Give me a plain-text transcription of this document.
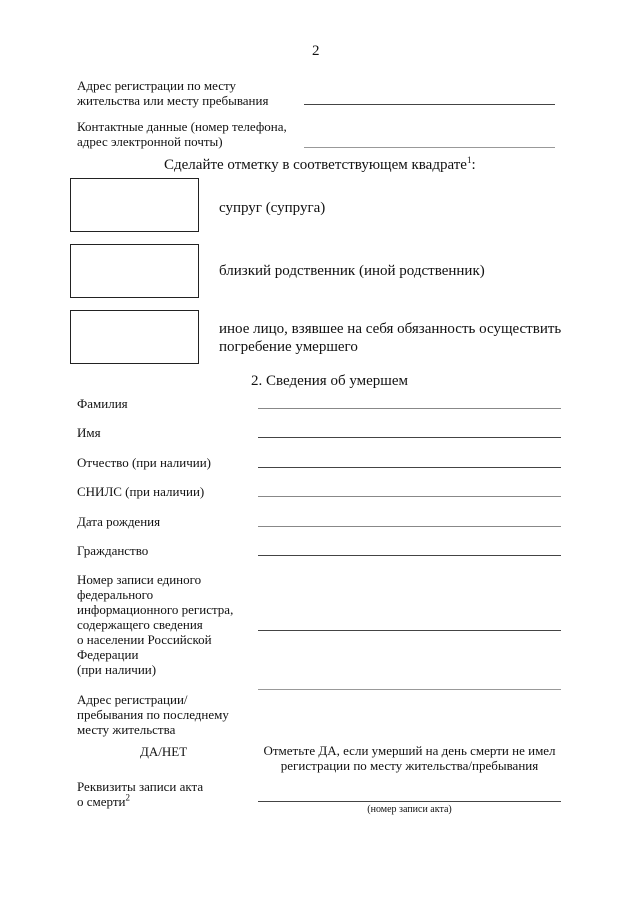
2
Адрес регистрации по месту
жительства или месту пребывания
Контактные данные (номер телефона,
адрес электронной почты)
Сделайте отметку в соответствующем квадрате$^1$:
супруг (супруга)
близкий родственник (иной родственник)
иное лицо, взявшее на себя обязанность осуществить
погребение умершего
2. Сведения об умершем
Фамилия
Имя
Отчество (при наличии)
СНИЛС (при наличии)
Дата рождения
Гражданство
Номер записи единого
федерального
информационного регистра,
содержащего сведения
о населении Российской
Федерации
(при наличии)
Адрес регистрации/
пребывания по последнему
месту жительства
ДА/НЕТ	Отметьте ДА, если умерший на день смерти не имел
регистрации по месту жительства/пребывания
Реквизиты записи акта
о смерти$^2$
(номер записи акта)
